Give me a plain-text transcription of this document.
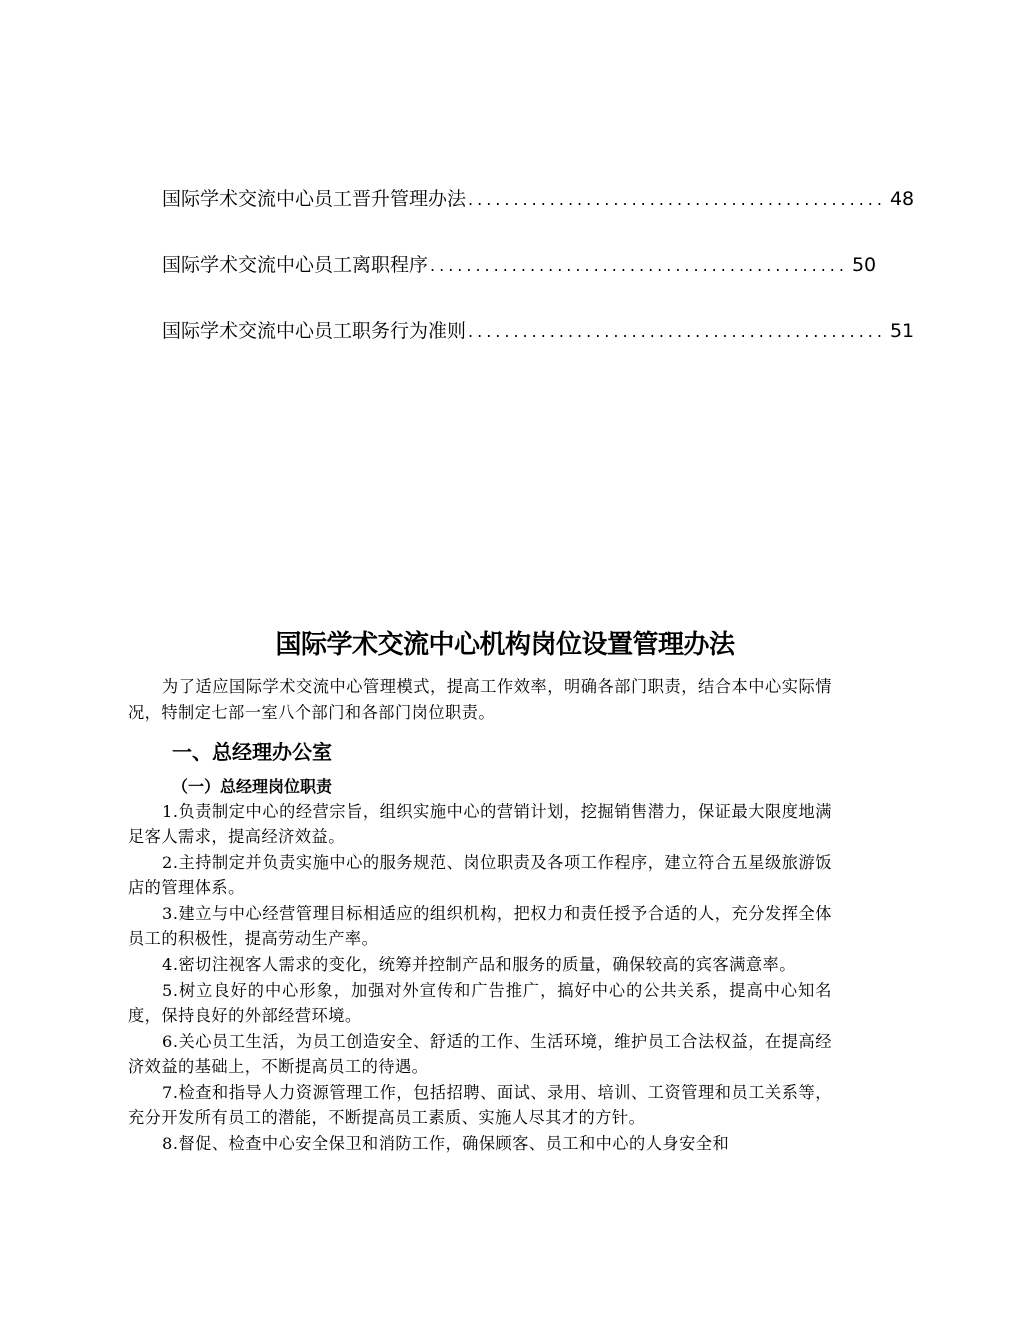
国际学术交流中心员工晋升管理办法 .............................................. 48
国际学术交流中心员工离职程序 .............................................. 50
国际学术交流中心员工职务行为准则 .............................................. 51
国际学术交流中心机构岗位设置管理办法

为了适应国际学术交流中心管理模式，提高工作效率，明确各部门职责，结合本中心实际情况，特制定七部一室八个部门和各部门岗位职责。

一、总经理办公室
（一）总经理岗位职责

1.负责制定中心的经营宗旨，组织实施中心的营销计划，挖掘销售潜力，保证最大限度地满足客人需求，提高经济效益。

2.主持制定并负责实施中心的服务规范、岗位职责及各项工作程序，建立符合五星级旅游饭店的管理体系。

3.建立与中心经营管理目标相适应的组织机构，把权力和责任授予合适的人，充分发挥全体员工的积极性，提高劳动生产率。

4.密切注视客人需求的变化，统筹并控制产品和服务的质量，确保较高的宾客满意率。

5.树立良好的中心形象，加强对外宣传和广告推广，搞好中心的公共关系，提高中心知名度，保持良好的外部经营环境。

6.关心员工生活，为员工创造安全、舒适的工作、生活环境，维护员工合法权益，在提高经济效益的基础上，不断提高员工的待遇。

7.检查和指导人力资源管理工作，包括招聘、面试、录用、培训、工资管理和员工关系等，充分开发所有员工的潜能，不断提高员工素质、实施人尽其才的方针。

8.督促、检查中心安全保卫和消防工作，确保顾客、员工和中心的人身安全和
